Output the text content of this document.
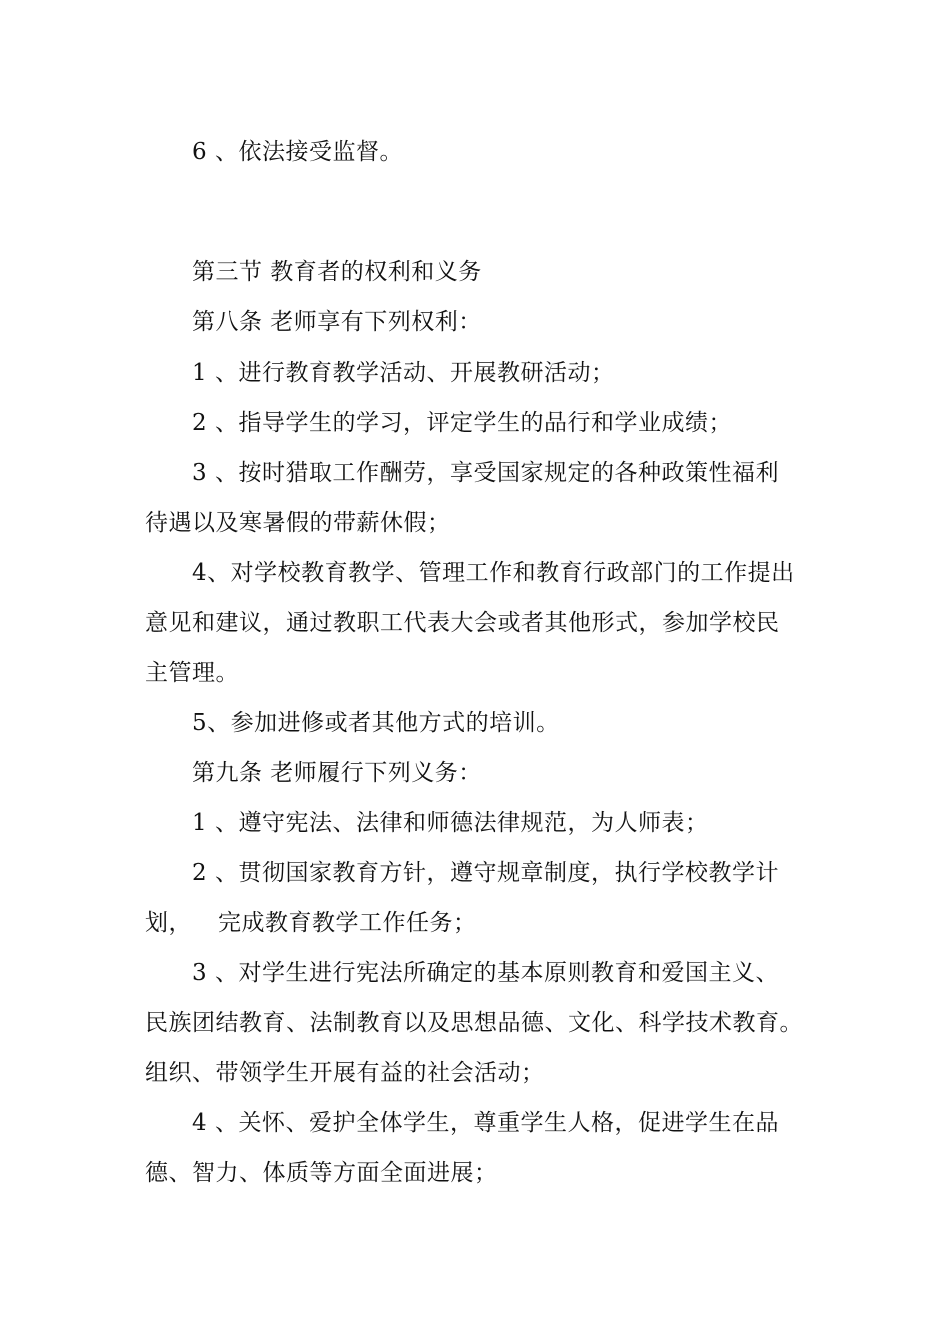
6 、依法接受监督。
第三节 教育者的权利和义务
第八条 老师享有下列权利：
1 、进行教育教学活动、开展教研活动；
2 、指导学生的学习，评定学生的品行和学业成绩；
3 、按时猎取工作酬劳，享受国家规定的各种政策性福利
待遇以及寒暑假的带薪休假；
4、对学校教育教学、管理工作和教育行政部门的工作提出
意见和建议，通过教职工代表大会或者其他形式，参加学校民
主管理。
5、参加进修或者其他方式的培训。
第九条 老师履行下列义务：
1 、遵守宪法、法律和师德法律规范，为人师表；
2 、贯彻国家教育方针，遵守规章制度，执行学校教学计
划， 完成教育教学工作任务；
3 、对学生进行宪法所确定的基本原则教育和爱国主义、
民族团结教育、法制教育以及思想品德、文化、科学技术教育。
组织、带领学生开展有益的社会活动；
4 、关怀、爱护全体学生，尊重学生人格，促进学生在品
德、智力、体质等方面全面进展；
